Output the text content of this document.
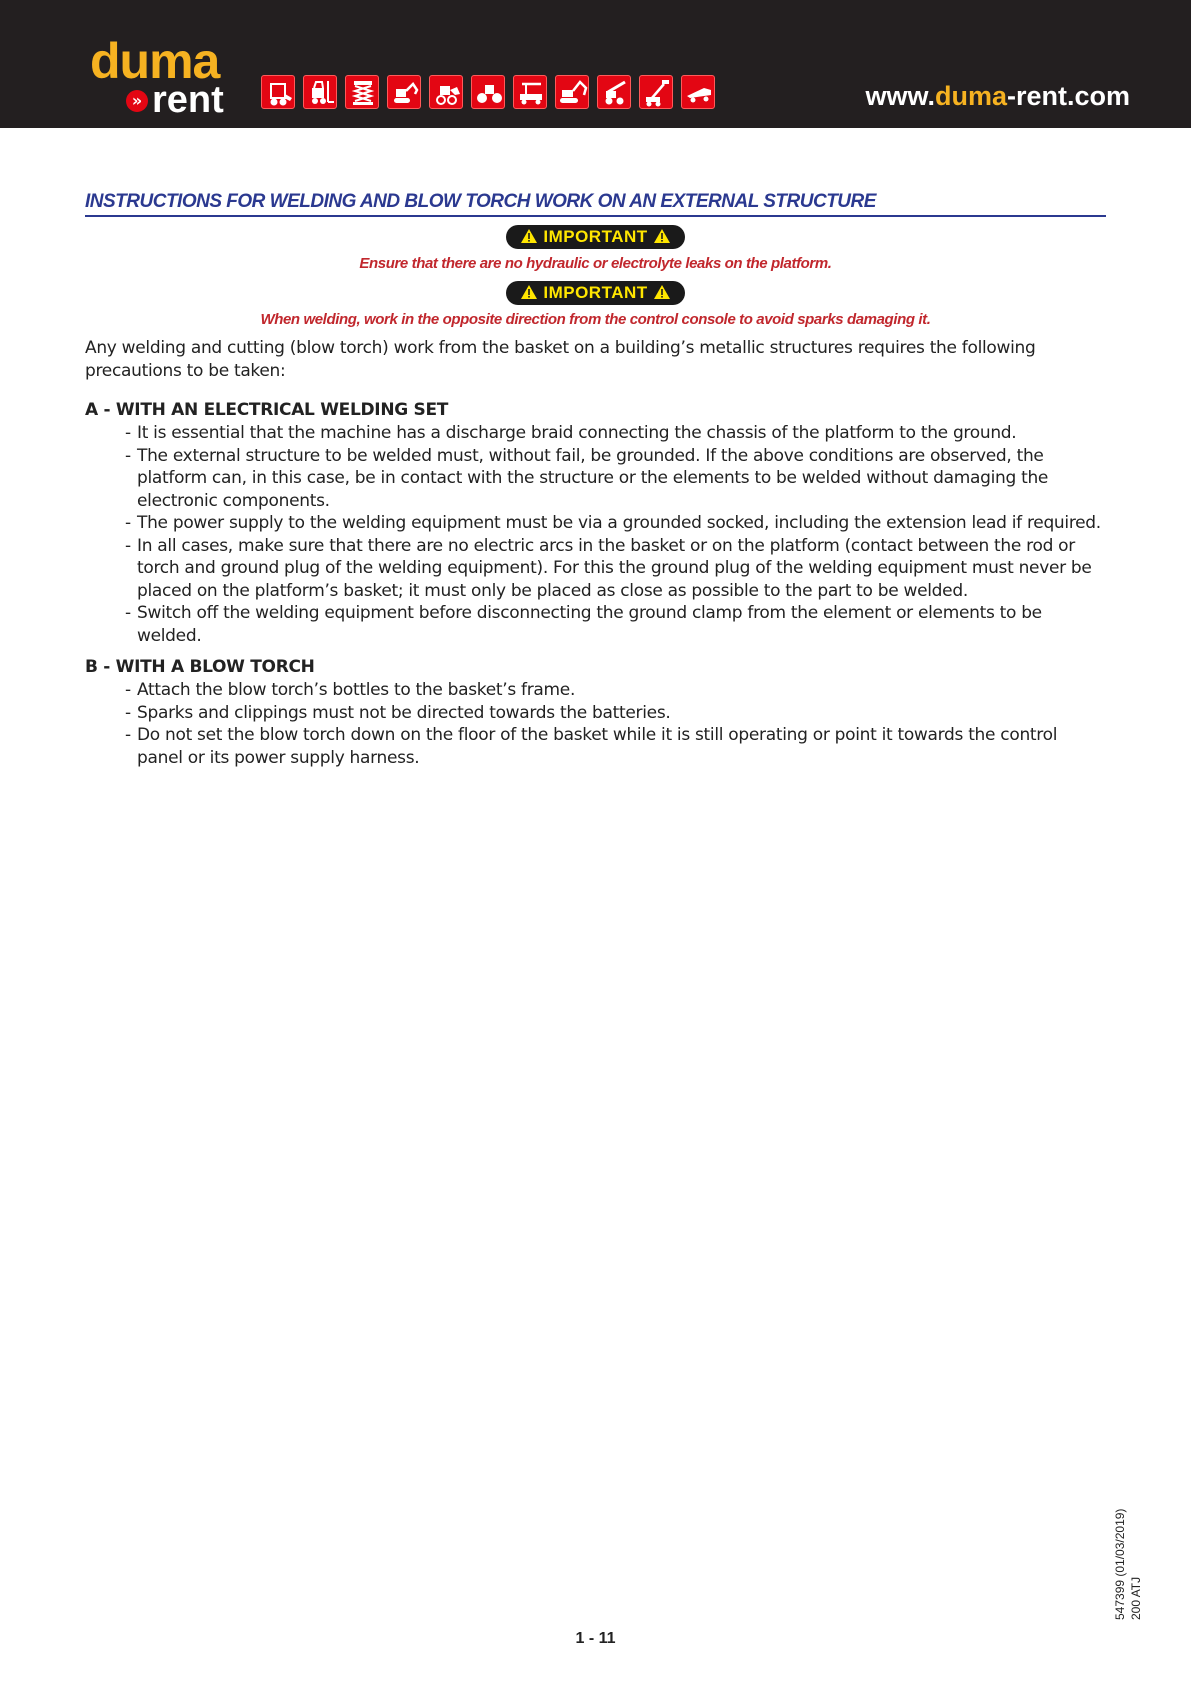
duma
» rent	www.duma-rent.com
INSTRUCTIONS FOR WELDING AND BLOW TORCH WORK ON AN EXTERNAL STRUCTURE
IMPORTANT
Ensure that there are no hydraulic or electrolyte leaks on the platform.
IMPORTANT
When welding, work in the opposite direction from the control console to avoid sparks damaging it.

Any welding and cutting (blow torch) work from the basket on a building’s metallic structures requires the following precautions to be taken:

A - WITH AN ELECTRICAL WELDING SET
- It is essential that the machine has a discharge braid connecting the chassis of the platform to the ground.
- The external structure to be welded must, without fail, be grounded. If the above conditions are observed, the platform can, in this case, be in contact with the structure or the elements to be welded without damaging the electronic components.
- The power supply to the welding equipment must be via a grounded socked, including the extension lead if required.
- In all cases, make sure that there are no electric arcs in the basket or on the platform (contact between the rod or torch and ground plug of the welding equipment). For this the ground plug of the welding equipment must never be placed on the platform’s basket; it must only be placed as close as possible to the part to be welded.
- Switch off the welding equipment before disconnecting the ground clamp from the element or elements to be welded.
B - WITH A BLOW TORCH
- Attach the blow torch’s bottles to the basket’s frame.
- Sparks and clippings must not be directed towards the batteries.
- Do not set the blow torch down on the floor of the basket while it is still operating or point it towards the control panel or its power supply harness.
547399 (01/03/2019) 200 ATJ
1 - 11
